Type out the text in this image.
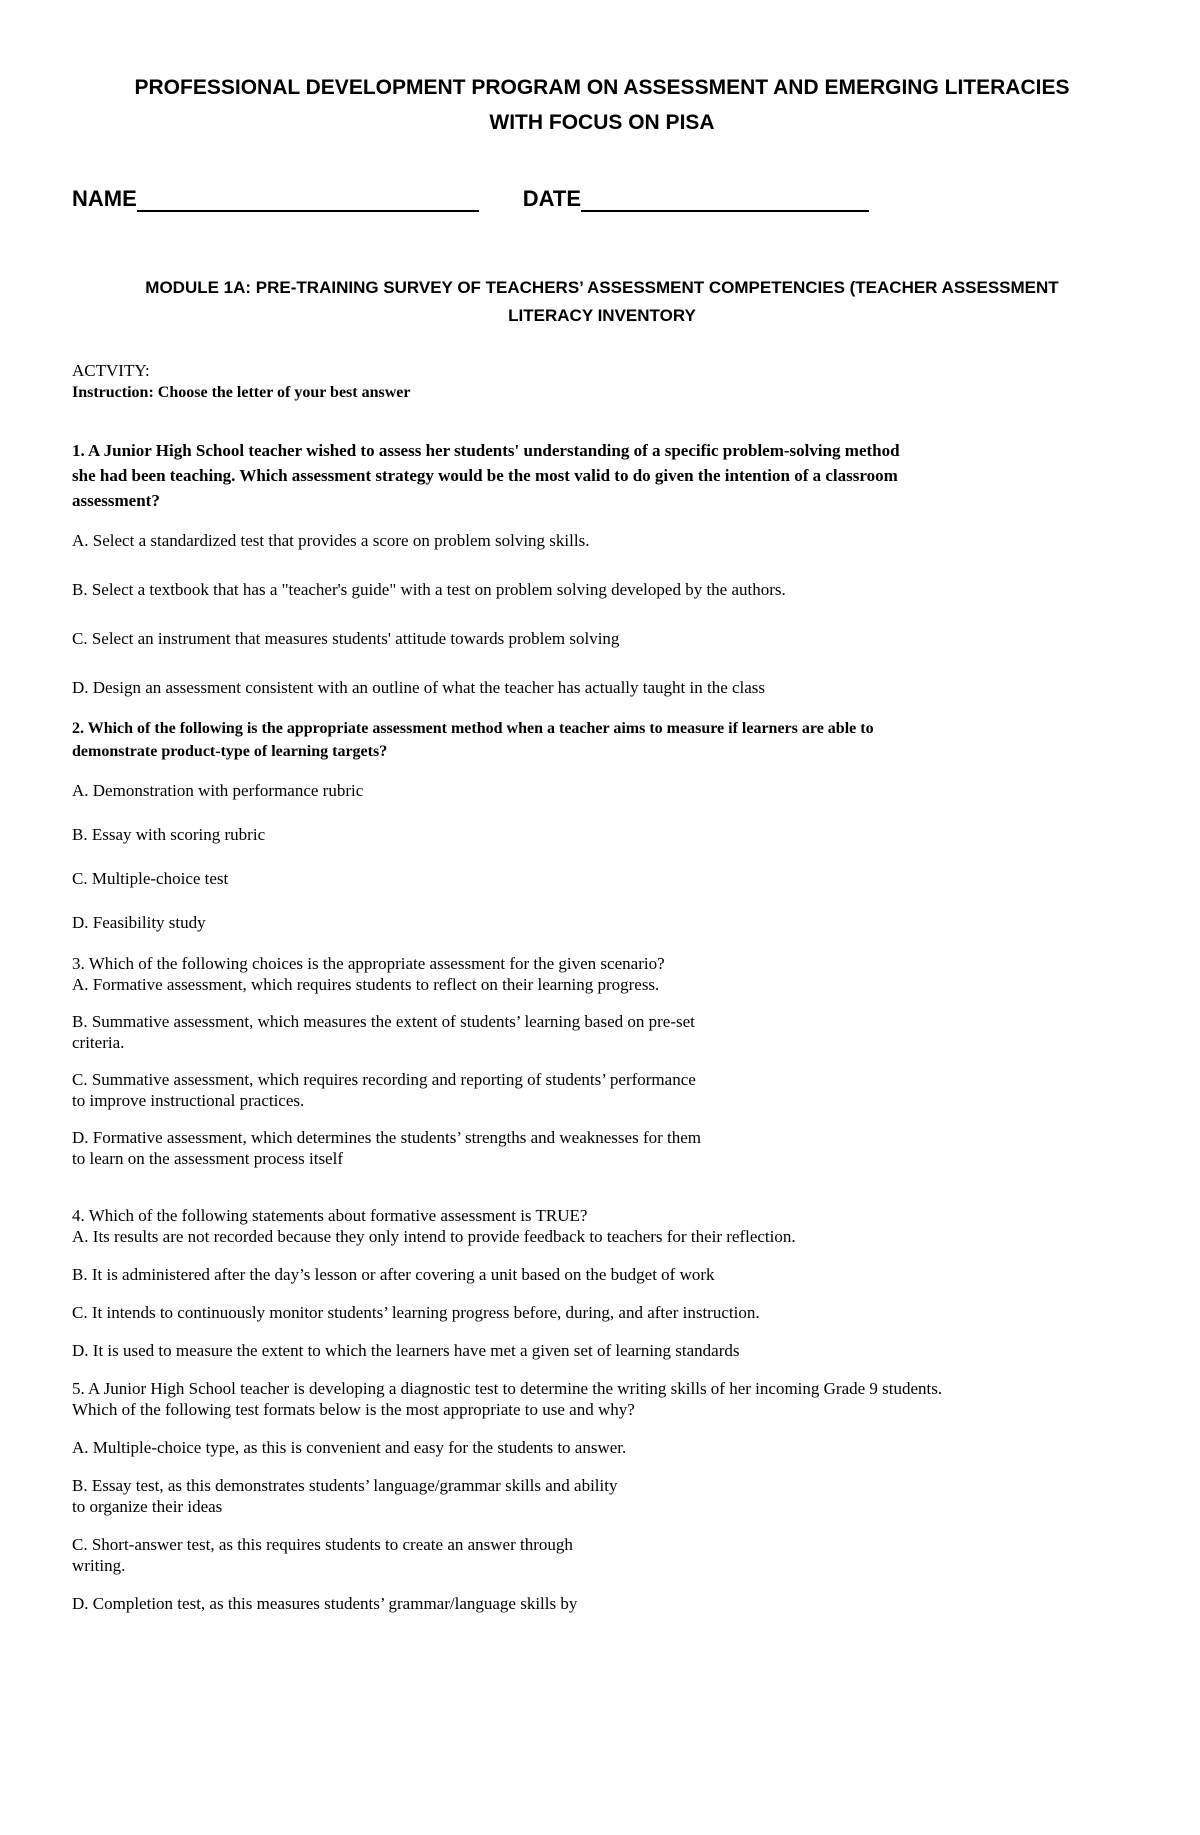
PROFESSIONAL DEVELOPMENT PROGRAM ON ASSESSMENT AND EMERGING LITERACIES
WITH FOCUS ON PISA
NAME	DATE
MODULE 1A: PRE-TRAINING SURVEY OF TEACHERS’ ASSESSMENT COMPETENCIES (TEACHER ASSESSMENT
LITERACY INVENTORY
ACTVITY:
Instruction: Choose the letter of your best answer
1. A Junior High School teacher wished to assess her students' understanding of a specific problem-solving method
she had been teaching. Which assessment strategy would be the most valid to do given the intention of a classroom
assessment?
A. Select a standardized test that provides a score on problem solving skills.
B. Select a textbook that has a "teacher's guide" with a test on problem solving developed by the authors.
C. Select an instrument that measures students' attitude towards problem solving
D. Design an assessment consistent with an outline of what the teacher has actually taught in the class
2. Which of the following is the appropriate assessment method when a teacher aims to measure if learners are able to
demonstrate product-type of learning targets?
A. Demonstration with performance rubric
B. Essay with scoring rubric
C. Multiple-choice test
D. Feasibility study
3. Which of the following choices is the appropriate assessment for the given scenario?
A. Formative assessment, which requires students to reflect on their learning progress.
B. Summative assessment, which measures the extent of students’ learning based on pre-set
criteria.
C. Summative assessment, which requires recording and reporting of students’ performance
to improve instructional practices.
D. Formative assessment, which determines the students’ strengths and weaknesses for them
to learn on the assessment process itself
4. Which of the following statements about formative assessment is TRUE?
A. Its results are not recorded because they only intend to provide feedback to teachers for their reflection.
B. It is administered after the day’s lesson or after covering a unit based on the budget of work
C. It intends to continuously monitor students’ learning progress before, during, and after instruction.
D. It is used to measure the extent to which the learners have met a given set of learning standards
5. A Junior High School teacher is developing a diagnostic test to determine the writing skills of her incoming Grade 9 students.
Which of the following test formats below is the most appropriate to use and why?
A. Multiple-choice type, as this is convenient and easy for the students to answer.
B. Essay test, as this demonstrates students’ language/grammar skills and ability
to organize their ideas
C. Short-answer test, as this requires students to create an answer through
writing.
D. Completion test, as this measures students’ grammar/language skills by
